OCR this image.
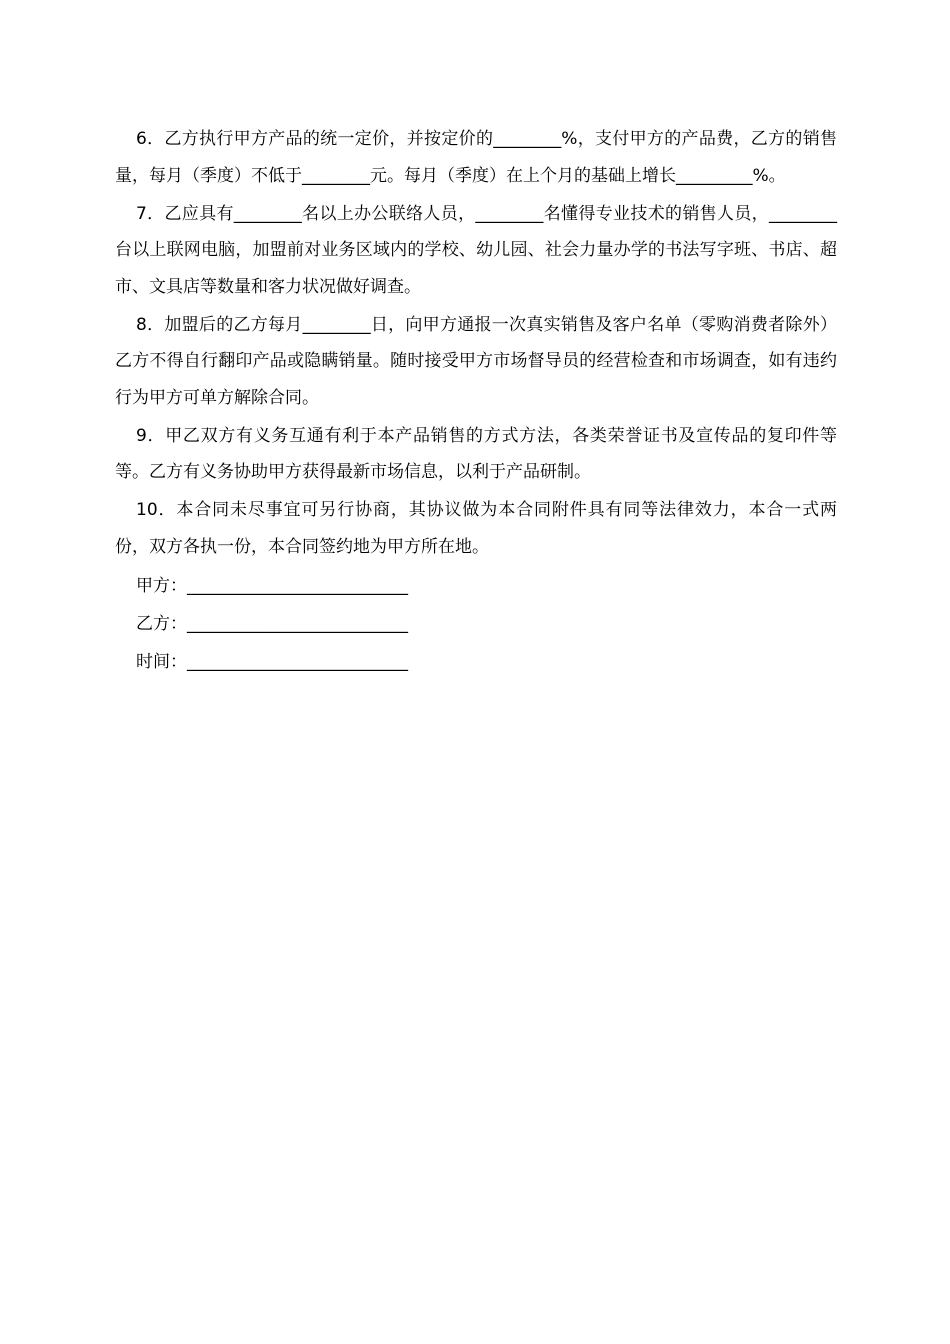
6．乙方执行甲方产品的统一定价，并按定价的________%，支付甲方的产品费，乙方的销售量，每月（季度）不低于________元。每月（季度）在上个月的基础上增长_________%。

7．乙应具有________名以上办公联络人员，________名懂得专业技术的销售人员，________台以上联网电脑，加盟前对业务区域内的学校、幼儿园、社会力量办学的书法写字班、书店、超市、文具店等数量和客力状况做好调查。

8．加盟后的乙方每月________日，向甲方通报一次真实销售及客户名单（零购消费者除外）乙方不得自行翻印产品或隐瞒销量。随时接受甲方市场督导员的经营检查和市场调查，如有违约行为甲方可单方解除合同。

9．甲乙双方有义务互通有利于本产品销售的方式方法，各类荣誉证书及宣传品的复印件等等。乙方有义务协助甲方获得最新市场信息，以利于产品研制。

10．本合同未尽事宜可另行协商，其协议做为本合同附件具有同等法律效力，本合一式两份，双方各执一份，本合同签约地为甲方所在地。

甲方：__________________________
乙方：__________________________
时间：__________________________
